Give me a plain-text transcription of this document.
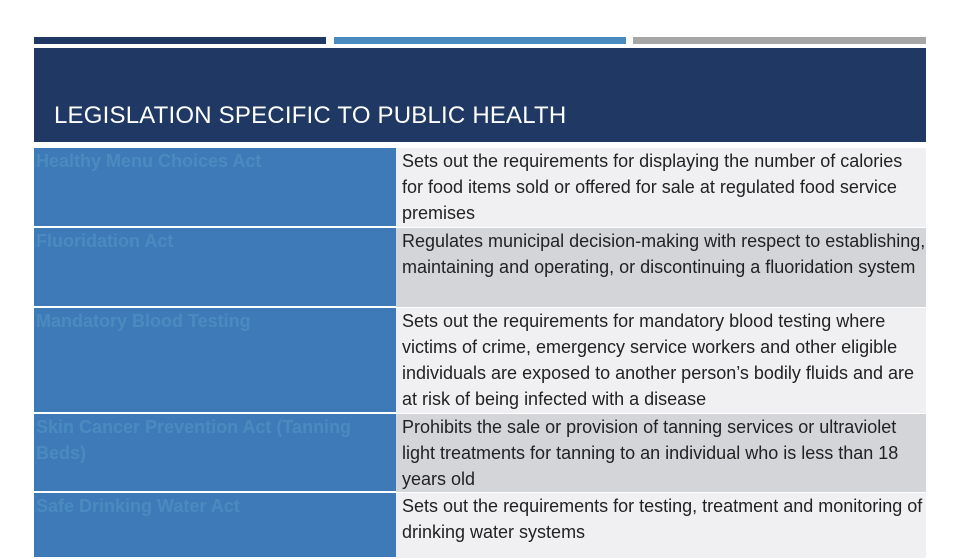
LEGISLATION SPECIFIC TO PUBLIC HEALTH
Healthy Menu Choices Act	Sets out the requirements for displaying the number of calories for food items sold or offered for sale at regulated food service premises

Fluoridation Act	Regulates municipal decision-making with respect to establishing, maintaining and operating, or discontinuing a fluoridation system

Mandatory Blood Testing	Sets out the requirements for mandatory blood testing where victims of crime, emergency service workers and other eligible individuals are exposed to another person’s bodily fluids and are at risk of being infected with a disease

Skin Cancer Prevention Act (Tanning Beds)	Prohibits the sale or provision of tanning services or ultraviolet light treatments for tanning to an individual who is less than 18 years old

Safe Drinking Water Act	Sets out the requirements for testing, treatment and monitoring of drinking water systems
